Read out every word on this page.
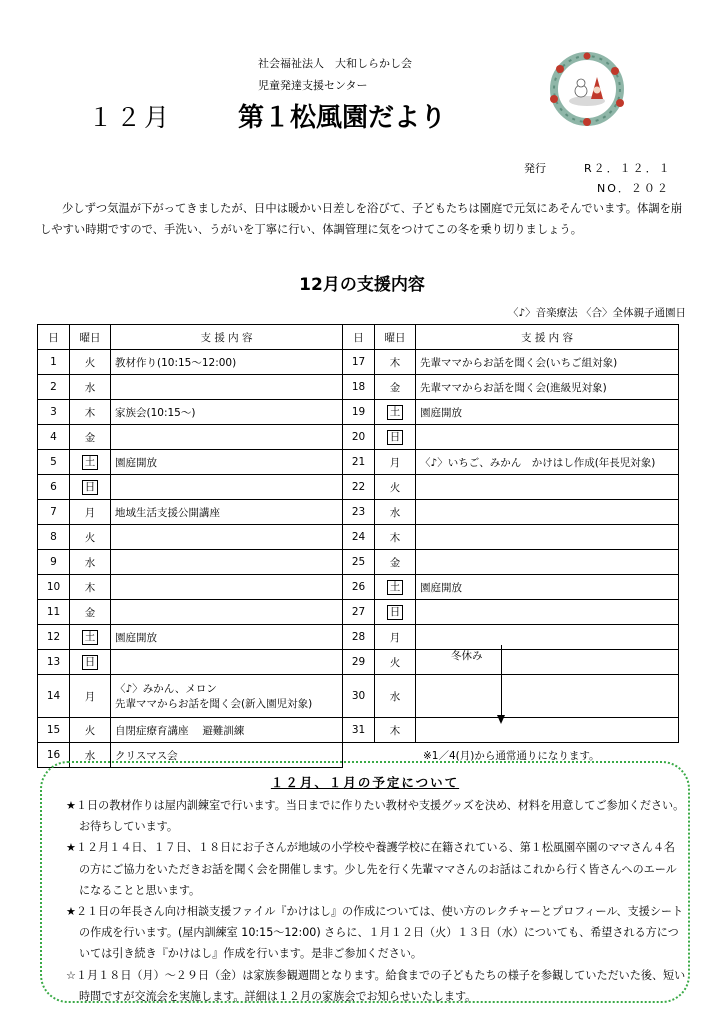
社会福祉法人　大和しらかし会
児童発達支援センター
１２月	第１松風園だより
発行	R２．１２．１
NO．２０２
少しずつ気温が下がってきましたが、日中は暖かい日差しを浴びて、子どもたちは園庭で元気にあそんでいます。体調を崩しやすい時期ですので、手洗い、うがいを丁寧に行い、体調管理に気をつけてこの冬を乗り切りましょう。
12月の支援内容
〈♪〉音楽療法 〈合〉全体親子通園日
日	曜日	支 援 内 容	日	曜日	支 援 内 容
1	火	教材作り(10:15～12:00)	17	木	先輩ママからお話を聞く会(いちご組対象)

2	水		18	金	先輩ママからお話を聞く会(進級児対象)

3	木	家族会(10:15～)	19	土	園庭開放

4	金		20	日	

5	土	園庭開放	21	月	〈♪〉いちご、みかん　かけはし作成(年長児対象)

6	日		22	火	

7	月	地域生活支援公開講座	23	水	

8	火		24	木	

9	水		25	金	

10	木		26	土	園庭開放

11	金		27	日	

12	土	園庭開放	28	月	

13	日		29	火	

14	月	〈♪〉みかん、メロン
先輩ママからお話を聞く会(新入園児対象)	30	水	

15	火	自閉症療育講座　 避難訓練	31	木	

16	水	クリスマス会	※1／4(月)から通常通りになります。		
冬休み
１２月、１月の予定について
★１日の教材作りは屋内訓練室で行います。当日までに作りたい教材や支援グッズを決め、材料を用意してご参加ください。お待ちしています。
★１２月１４日、１７日、１８日にお子さんが地域の小学校や養護学校に在籍されている、第１松風園卒園のママさん４名の方にご協力をいただきお話を聞く会を開催します。少し先を行く先輩ママさんのお話はこれから行く皆さんへのエールになることと思います。
★２１日の年長さん向け相談支援ファイル『かけはし』の作成については、使い方のレクチャーとプロフィール、支援シートの作成を行います。(屋内訓練室 10:15～12:00) さらに、１月１２日（火）１３日（水）についても、希望される方については引き続き『かけはし』作成を行います。是非ご参加ください。
☆１月１８日（月）～２９日（金）は家族参観週間となります。給食までの子どもたちの様子を参観していただいた後、短い時間ですが交流会を実施します。詳細は１２月の家族会でお知らせいたします。
